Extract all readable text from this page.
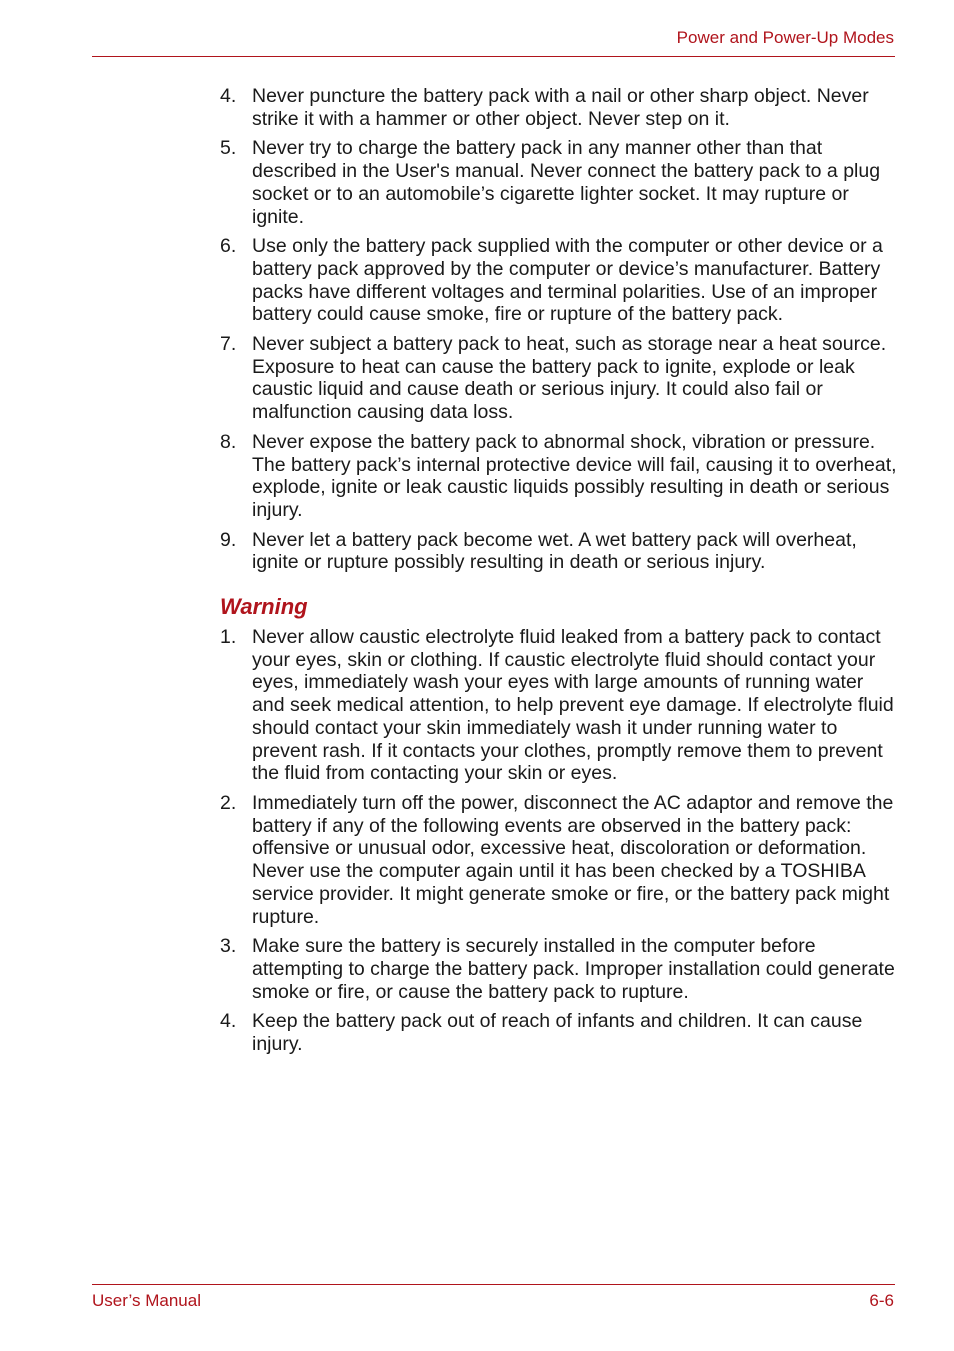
Power and Power-Up Modes
4. Never puncture the battery pack with a nail or other sharp object. Never strike it with a hammer or other object. Never step on it.
5. Never try to charge the battery pack in any manner other than that described in the User's manual. Never connect the battery pack to a plug socket or to an automobile’s cigarette lighter socket. It may rupture or ignite.
6. Use only the battery pack supplied with the computer or other device or a battery pack approved by the computer or device’s manufacturer. Battery packs have different voltages and terminal polarities. Use of an improper battery could cause smoke, fire or rupture of the battery pack.
7. Never subject a battery pack to heat, such as storage near a heat source. Exposure to heat can cause the battery pack to ignite, explode or leak caustic liquid and cause death or serious injury. It could also fail or malfunction causing data loss.
8. Never expose the battery pack to abnormal shock, vibration or pressure. The battery pack’s internal protective device will fail, causing it to overheat, explode, ignite or leak caustic liquids possibly resulting in death or serious injury.
9. Never let a battery pack become wet. A wet battery pack will overheat, ignite or rupture possibly resulting in death or serious injury.
Warning
1. Never allow caustic electrolyte fluid leaked from a battery pack to contact your eyes, skin or clothing. If caustic electrolyte fluid should contact your eyes, immediately wash your eyes with large amounts of running water and seek medical attention, to help prevent eye damage. If electrolyte fluid should contact your skin immediately wash it under running water to prevent rash. If it contacts your clothes, promptly remove them to prevent the fluid from contacting your skin or eyes.
2. Immediately turn off the power, disconnect the AC adaptor and remove the battery if any of the following events are observed in the battery pack: offensive or unusual odor, excessive heat, discoloration or deformation. Never use the computer again until it has been checked by a TOSHIBA service provider. It might generate smoke or fire, or the battery pack might rupture.
3. Make sure the battery is securely installed in the computer before attempting to charge the battery pack. Improper installation could generate smoke or fire, or cause the battery pack to rupture.
4. Keep the battery pack out of reach of infants and children. It can cause injury.
User’s Manual	6-6
